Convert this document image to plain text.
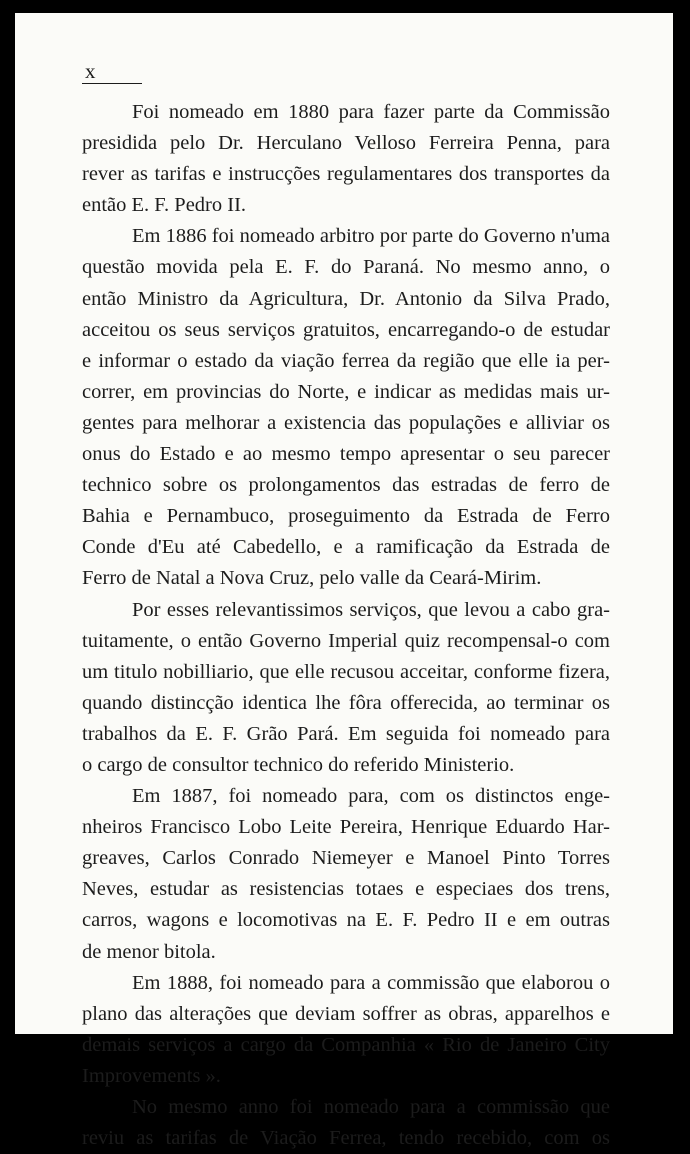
x
Foi nomeado em 1880 para fazer parte da Commissão
presidida pelo Dr. Herculano Velloso Ferreira Penna, para
rever as tarifas e instrucções regulamentares dos transportes da
então E. F. Pedro II.
Em 1886 foi nomeado arbitro por parte do Governo n'uma
questão movida pela E. F. do Paraná. No mesmo anno, o
então Ministro da Agricultura, Dr. Antonio da Silva Prado,
acceitou os seus serviços gratuitos, encarregando-o de estudar
e informar o estado da viação ferrea da região que elle ia per-
correr, em provincias do Norte, e indicar as medidas mais ur-
gentes para melhorar a existencia das populações e alliviar os
onus do Estado e ao mesmo tempo apresentar o seu parecer
technico sobre os prolongamentos das estradas de ferro de
Bahia e Pernambuco, proseguimento da Estrada de Ferro
Conde d'Eu até Cabedello, e a ramificação da Estrada de
Ferro de Natal a Nova Cruz, pelo valle da Ceará-Mirim.
Por esses relevantissimos serviços, que levou a cabo gra-
tuitamente, o então Governo Imperial quiz recompensal-o com
um titulo nobilliario, que elle recusou acceitar, conforme fizera,
quando distincção identica lhe fôra offerecida, ao terminar os
trabalhos da E. F. Grão Pará. Em seguida foi nomeado para
o cargo de consultor technico do referido Ministerio.
Em 1887, foi nomeado para, com os distinctos enge-
nheiros Francisco Lobo Leite Pereira, Henrique Eduardo Har-
greaves, Carlos Conrado Niemeyer e Manoel Pinto Torres
Neves, estudar as resistencias totaes e especiaes dos trens,
carros, wagons e locomotivas na E. F. Pedro II e em outras
de menor bitola.
Em 1888, foi nomeado para a commissão que elaborou o
plano das alterações que deviam soffrer as obras, apparelhos e
demais serviços a cargo da Companhia « Rio de Janeiro City
Improvements ».
No mesmo anno foi nomeado para a commissão que
reviu as tarifas de Viação Ferrea, tendo recebido, com os
